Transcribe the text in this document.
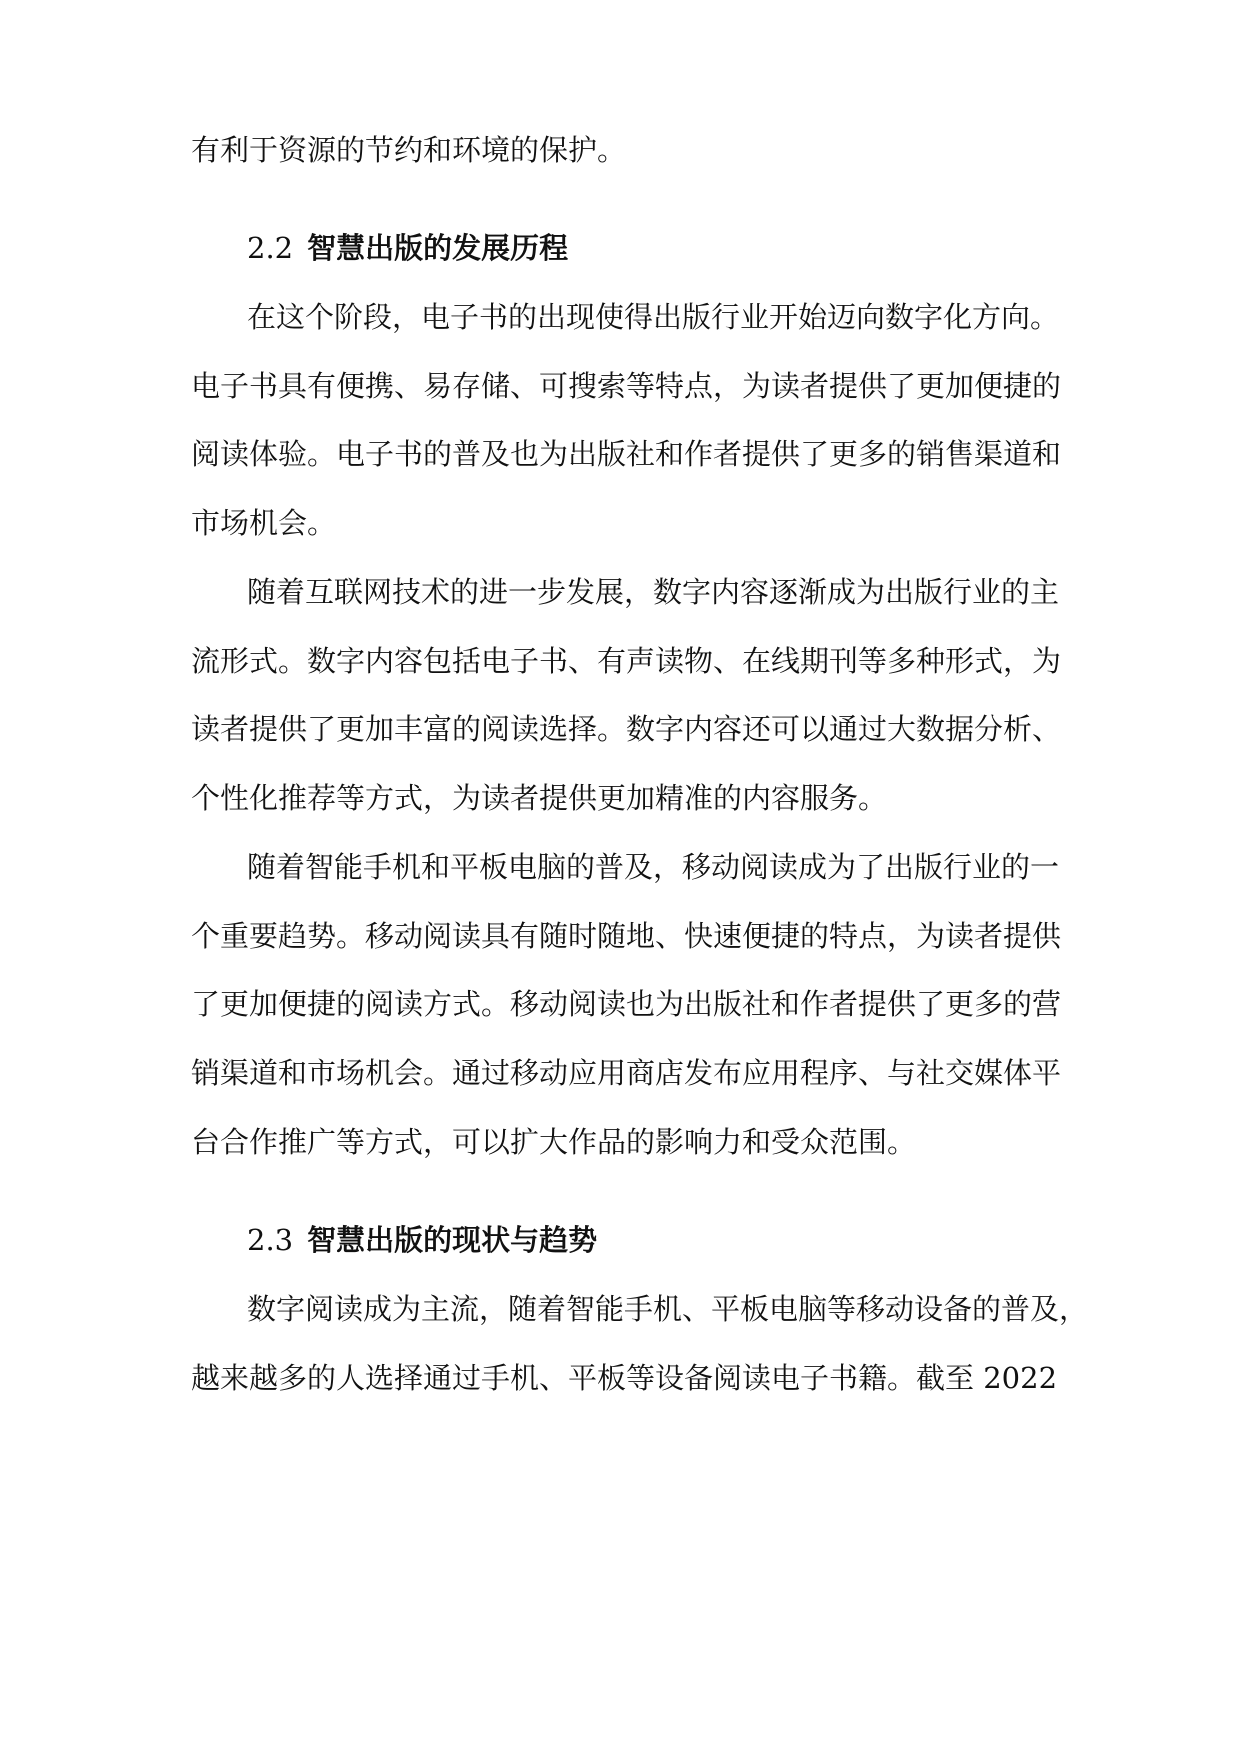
有利于资源的节约和环境的保护。
2.2 智慧出版的发展历程
在这个阶段，电子书的出现使得出版行业开始迈向数字化方向。
电子书具有便携、易存储、可搜索等特点，为读者提供了更加便捷的
阅读体验。电子书的普及也为出版社和作者提供了更多的销售渠道和
市场机会。
随着互联网技术的进一步发展，数字内容逐渐成为出版行业的主
流形式。数字内容包括电子书、有声读物、在线期刊等多种形式，为
读者提供了更加丰富的阅读选择。数字内容还可以通过大数据分析、
个性化推荐等方式，为读者提供更加精准的内容服务。
随着智能手机和平板电脑的普及，移动阅读成为了出版行业的一
个重要趋势。移动阅读具有随时随地、快速便捷的特点，为读者提供
了更加便捷的阅读方式。移动阅读也为出版社和作者提供了更多的营
销渠道和市场机会。通过移动应用商店发布应用程序、与社交媒体平
台合作推广等方式，可以扩大作品的影响力和受众范围。
2.3 智慧出版的现状与趋势
数字阅读成为主流，随着智能手机、平板电脑等移动设备的普及，
越来越多的人选择通过手机、平板等设备阅读电子书籍。截至 2022
